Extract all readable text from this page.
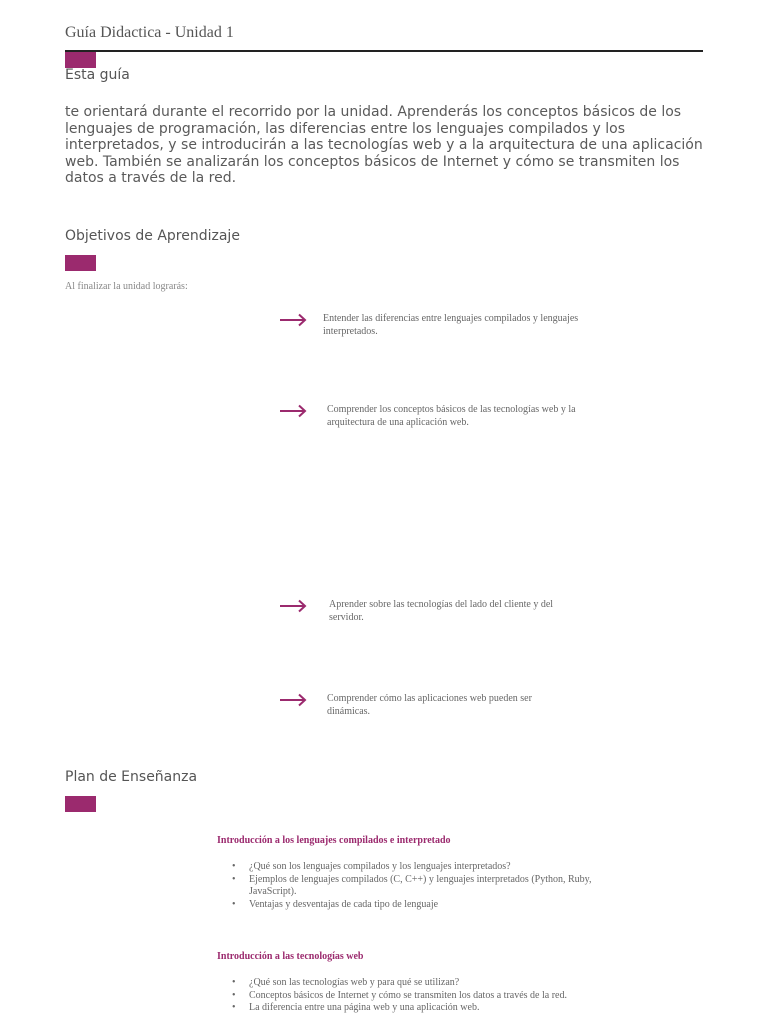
Guía Didactica - Unidad 1
Esta guía
te orientará durante el recorrido por la unidad. Aprenderás los conceptos básicos de los lenguajes de programación, las diferencias entre los lenguajes compilados y los interpretados, y se introducirán a las tecnologías web y a la arquitectura de una aplicación web. También se analizarán los conceptos básicos de Internet y cómo se transmiten los datos a través de la red.
Objetivos de Aprendizaje
Al finalizar la unidad lograrás:
Entender las diferencias entre lenguajes compilados y lenguajes interpretados.
Comprender los conceptos básicos de las tecnologías web y la arquitectura de una aplicación web.
Aprender sobre las tecnologías del lado del cliente y del servidor.
Comprender cómo las aplicaciones web pueden ser dinámicas.
Plan de Enseñanza
Introducción a los lenguajes compilados e interpretado
• ¿Qué son los lenguajes compilados y los lenguajes interpretados?
• Ejemplos de lenguajes compilados (C, C++) y lenguajes interpretados (Python, Ruby, JavaScript).
• Ventajas y desventajas de cada tipo de lenguaje
Introducción a las tecnologías web
• ¿Qué son las tecnologías web y para qué se utilizan?
• Conceptos básicos de Internet y cómo se transmiten los datos a través de la red.
• La diferencia entre una página web y una aplicación web.
